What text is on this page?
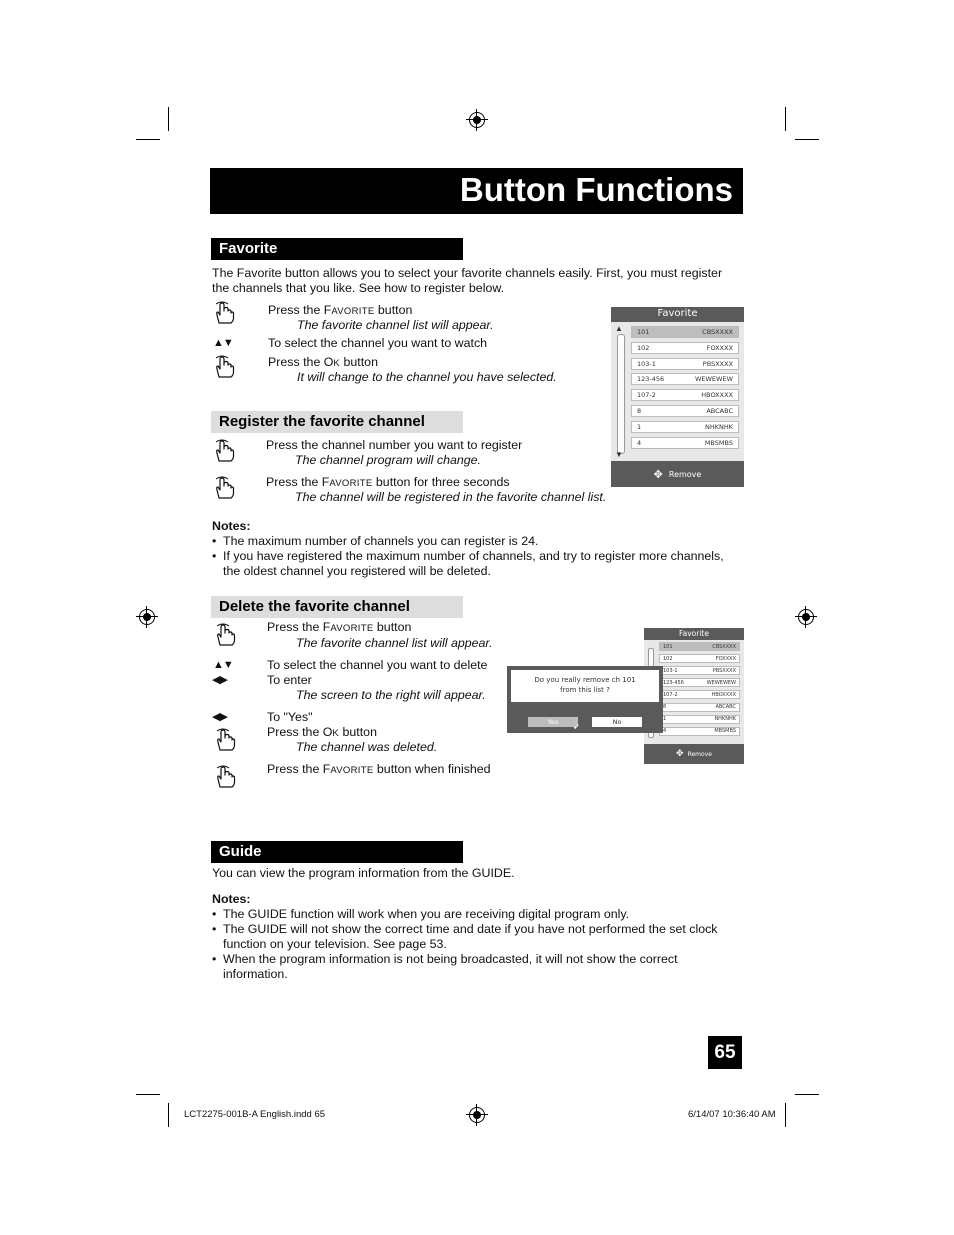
Button Functions
Favorite
The Favorite button allows you to select your favorite channels easily. First, you must register
the channels that you like. See how to register below.
Press the FAVORITE button
The favorite channel list will appear.
▲▼	To select the channel you want to watch
Press the OK button
It will change to the channel you have selected.
Favorite
▲
▼
101	CBSXXXX
102	FOXXXX
103-1	PBSXXXX
123-456	WEWEWEW
107-2	HBOXXXX
8	ABCABC
1	NHKNHK
4	MBSMBS
✥ Remove
Register the favorite channel
Press the channel number you want to register
The channel program will change.
Press the FAVORITE button for three seconds
The channel will be registered in the favorite channel list.
Notes:
• The maximum number of channels you can register is 24.
• If you have registered the maximum number of channels, and try to register more channels, the oldest channel you registered will be deleted.
Delete the favorite channel
Press the FAVORITE button
The favorite channel list will appear.
▲▼	To select the channel you want to delete
◀▶	To enter
The screen to the right will appear.
◀▶	To "Yes"
Press the OK button
The channel was deleted.
Press the FAVORITE button when finished
Favorite
101	CBSXXXX
102	FOXXXX
103-1	PBSXXXX
123-456	WEWEWEW
107-2	HBOXXXX
8	ABCABC
1	NHKNHK
4	MBSMBS
✥ Remove
Do you really remove ch 101
from this list ?
Yes	➹	No
Guide
You can view the program information from the GUIDE.
Notes:
• The GUIDE function will work when you are receiving digital program only.
• The GUIDE will not show the correct time and date if you have not performed the set clock function on your television. See page 53.
• When the program information is not being broadcasted, it will not show the correct information.
65
LCT2275-001B-A English.indd 65	6/14/07 10:36:40 AM
